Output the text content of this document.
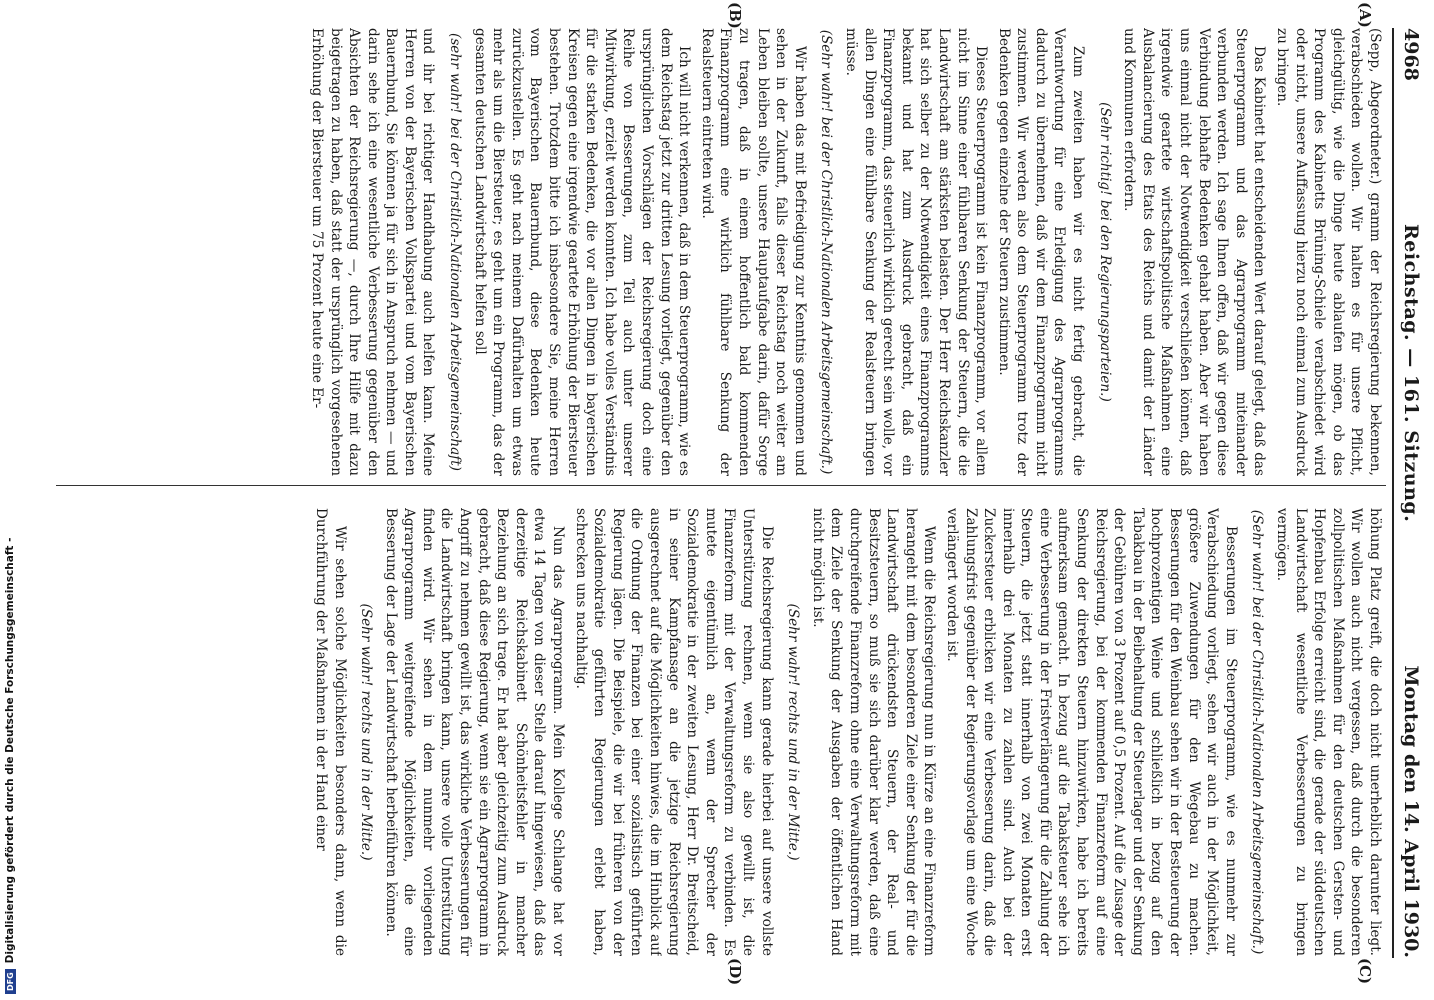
4968
Reichstag. — 161. Sitzung.
Montag den 14. April 1930.
(A)
(B)
(C)
(D)

(Sepp, Abgeordneter.) gramm der Reichsregierung bekennen, verabschieden wollen. Wir halten es für unsere Pflicht, gleichgültig, wie die Dinge heute ablaufen mögen, ob das Programm des Kabinetts Brüning-Schiele verabschiedet wird oder nicht, unsere Auffassung hierzu noch einmal zum Ausdruck zu bringen.

Das Kabinett hat entscheidenden Wert darauf gelegt, daß das Steuerprogramm und das Agrarprogramm miteinander verbunden werden. Ich sage Ihnen offen, daß wir gegen diese Verbindung lebhafte Bedenken gehabt haben. Aber wir haben uns einmal nicht der Notwendigkeit verschließen können, daß irgendwie geartete wirtschaftspolitische Maßnahmen eine Ausbalancierung des Etats des Reichs und damit der Länder und Kommunen erfordern.

(Sehr richtig! bei den Regierungsparteien.)

Zum zweiten haben wir es nicht fertig gebracht, die Verantwortung für eine Erledigung des Agrarprogramms dadurch zu übernehmen, daß wir dem Finanzprogramm nicht zustimmen. Wir werden also dem Steuerprogramm trotz der Bedenken gegen einzelne der Steuern zustimmen.

Dieses Steuerprogramm ist kein Finanzprogramm, vor allem nicht im Sinne einer fühlbaren Senkung der Steuern, die die Landwirtschaft am stärksten belasten. Der Herr Reichskanzler hat sich selber zu der Notwendigkeit eines Finanzprogramms bekannt und hat zum Ausdruck gebracht, daß ein Finanzprogramm, das steuerlich wirklich gerecht sein wolle, vor allen Dingen eine fühlbare Senkung der Realsteuern bringen müsse.

(Sehr wahr! bei der Christlich-Nationalen Arbeitsgemeinschaft.)

Wir haben das mit Befriedigung zur Kenntnis genommen und sehen in der Zukunft, falls dieser Reichstag noch weiter am Leben bleiben sollte, unsere Hauptaufgabe darin, dafür Sorge zu tragen, daß in einem hoffentlich bald kommenden Finanzprogramm eine wirklich fühlbare Senkung der Realsteuern eintreten wird.

Ich will nicht verkennen, daß in dem Steuerprogramm, wie es dem Reichstag jetzt zur dritten Lesung vorliegt, gegenüber den ursprünglichen Vorschlägen der Reichsregierung doch eine Reihe von Besserungen, zum Teil auch unter unserer Mitwirkung, erzielt werden konnten. Ich habe volles Verständnis für die starken Bedenken, die vor allen Dingen in bayerischen Kreisen gegen eine irgendwie geartete Erhöhung der Biersteuer bestehen. Trotzdem bitte ich insbesondere Sie, meine Herren vom Bayerischen Bauernbund, diese Bedenken heute zurückzustellen. Es geht nach meinem Dafürhalten um etwas mehr als um die Biersteuer; es geht um ein Programm, das der gesamten deutschen Landwirtschaft helfen soll

(sehr wahr! bei der Christlich-Nationalen Arbeitsgemeinschaft)

und ihr bei richtiger Handhabung auch helfen kann. Meine Herren von der Bayerischen Volkspartei und vom Bayerischen Bauernbund, Sie können ja für sich in Anspruch nehmen — und darin sehe ich eine wesentliche Verbesserung gegenüber den Absichten der Reichsregierung —, durch Ihre Hilfe mit dazu beigetragen zu haben, daß statt der ursprünglich vorgesehenen Erhöhung der Biersteuer um 75 Prozent heute eine Er-

höhung Platz greift, die doch nicht unerheblich darunter liegt. Wir wollen auch nicht vergessen, daß durch die besonderen zollpolitischen Maßnahmen für den deutschen Gersten- und Hopfenbau Erfolge erreicht sind, die gerade der süddeutschen Landwirtschaft wesentliche Verbesserungen zu bringen vermögen.

(Sehr wahr! bei der Christlich-Nationalen Arbeitsgemeinschaft.)

Besserungen im Steuerprogramm, wie es nunmehr zur Verabschiedung vorliegt, sehen wir auch in der Möglichkeit, größere Zuwendungen für den Wegebau zu machen. Besserungen für den Weinbau sehen wir in der Besteuerung der hochprozentigen Weine und schließlich in bezug auf den Tabakbau in der Beibehaltung der Steuerlager und der Senkung der Gebühren von 3 Prozent auf 0,5 Prozent. Auf die Zusage der Reichsregierung, bei der kommenden Finanzreform auf eine Senkung der direkten Steuern hinzuwirken, habe ich bereits aufmerksam gemacht. In bezug auf die Tabaksteuer sehe ich eine Verbesserung in der Fristverlängerung für die Zahlung der Steuern, die jetzt statt innerhalb von zwei Monaten erst innerhalb drei Monaten zu zahlen sind. Auch bei der Zuckersteuer erblicken wir eine Verbesserung darin, daß die Zahlungsfrist gegenüber der Regierungsvorlage um eine Woche verlängert worden ist.

Wenn die Reichsregierung nun in Kürze an eine Finanzreform herangeht mit dem besonderen Ziele einer Senkung der für die Landwirtschaft drückendsten Steuern, der Real- und Besitzsteuern, so muß sie sich darüber klar werden, daß eine durchgreifende Finanzreform ohne eine Verwaltungsreform mit dem Ziele der Senkung der Ausgaben der öffentlichen Hand nicht möglich ist.

(Sehr wahr! rechts und in der Mitte.)

Die Reichsregierung kann gerade hierbei auf unsere vollste Unterstützung rechnen, wenn sie also gewillt ist, die Finanzreform mit der Verwaltungsreform zu verbinden. Es mutete eigentümlich an, wenn der Sprecher der Sozialdemokratie in der zweiten Lesung, Herr Dr. Breitscheid, in seiner Kampfansage an die jetzige Reichsregierung ausgerechnet auf die Möglichkeiten hinwies, die im Hinblick auf die Ordnung der Finanzen bei einer sozialistisch geführten Regierung lägen. Die Beispiele, die wir bei früheren von der Sozialdemokratie geführten Regierungen erlebt haben, schrecken uns nachhaltig.

Nun das Agrarprogramm. Mein Kollege Schlange hat vor etwa 14 Tagen von dieser Stelle darauf hingewiesen, daß das derzeitige Reichskabinett Schönheitsfehler in mancher Beziehung an sich trage. Er hat aber gleichzeitig zum Ausdruck gebracht, daß diese Regierung, wenn sie ein Agrarprogramm in Angriff zu nehmen gewillt ist, das wirkliche Verbesserungen für die Landwirtschaft bringen kann, unsere volle Unterstützung finden wird. Wir sehen in dem nunmehr vorliegenden Agrarprogramm weitgreifende Möglichkeiten, die eine Besserung der Lage der Landwirtschaft herbeiführen können.

(Sehr wahr! rechts und in der Mitte.)

Wir sehen solche Möglichkeiten besonders dann, wenn die Durchführung der Maßnahmen in der Hand einer

DFG
Digitalisierung gefördert durch die Deutsche Forschungsgemeinschaft -
